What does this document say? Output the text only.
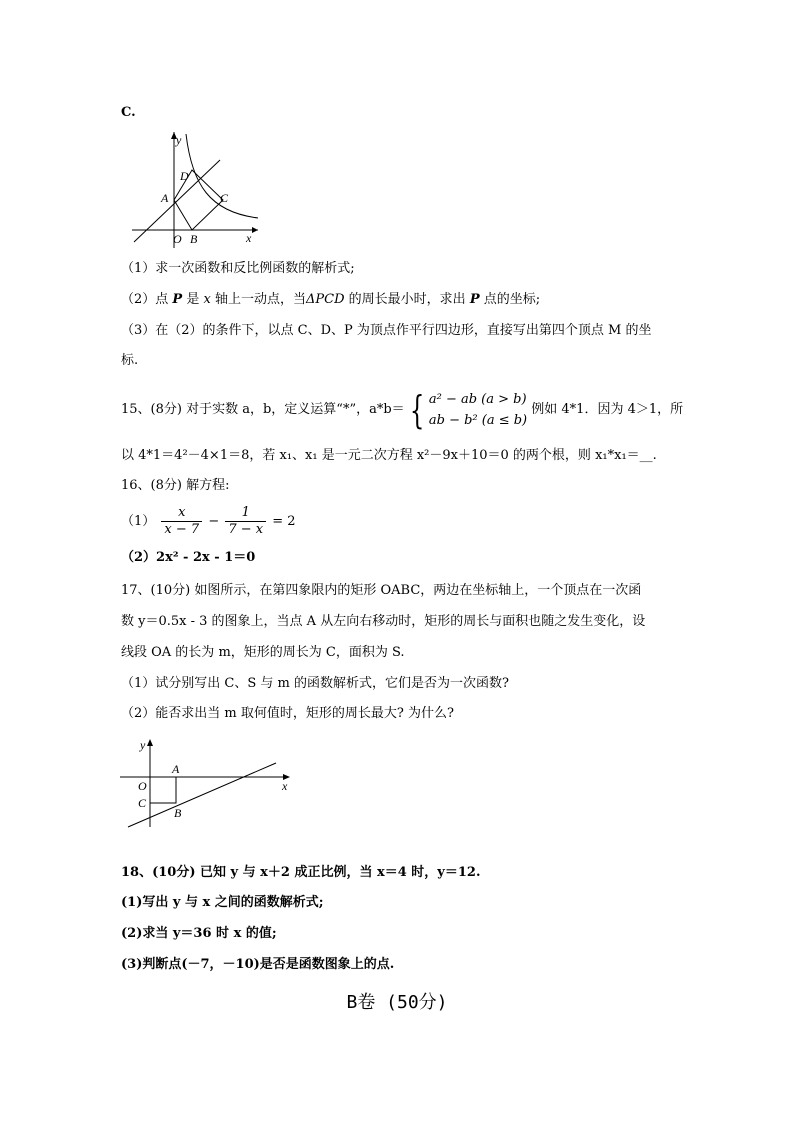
C.
y
x
O
A
B
C
D
（1）求一次函数和反比例函数的解析式;
（2）点 P 是 x 轴上一动点，当ΔPCD 的周长最小时，求出 P 点的坐标;
（3）在（2）的条件下，以点 C、D、P 为顶点作平行四边形，直接写出第四个顶点 M 的坐
标.
15、(8分) 对于实数 a，b，定义运算“*”，a*b＝ { a² − ab (a > b)
ab − b² (a ≤ b)
例如 4*1．因为 4＞1，所
以 4*1＝4²－4×1＝8，若 x₁、x₁ 是一元二次方程 x²－9x＋10＝0 的两个根，则 x₁*x₁＝__.
16、(8分) 解方程:
$(1) \frac{x}{x - 7} - \frac{1}{7 - x} = 2$
（2）2x² - 2x - 1＝0
17、(10分) 如图所示，在第四象限内的矩形 OABC，两边在坐标轴上，一个顶点在一次函
数 y＝0.5x - 3 的图象上，当点 A 从左向右移动时，矩形的周长与面积也随之发生变化，设
线段 OA 的长为 m，矩形的周长为 C，面积为 S.
（1）试分别写出 C、S 与 m 的函数解析式，它们是否为一次函数?
（2）能否求出当 m 取何值时，矩形的周长最大? 为什么?
y
x
O
A
B
C
18、(10分) 已知 y 与 x＋2 成正比例，当 x＝4 时，y＝12.
(1)写出 y 与 x 之间的函数解析式;
(2)求当 y＝36 时 x 的值;
(3)判断点(－7，－10)是否是函数图象上的点.
B卷 (50分)
